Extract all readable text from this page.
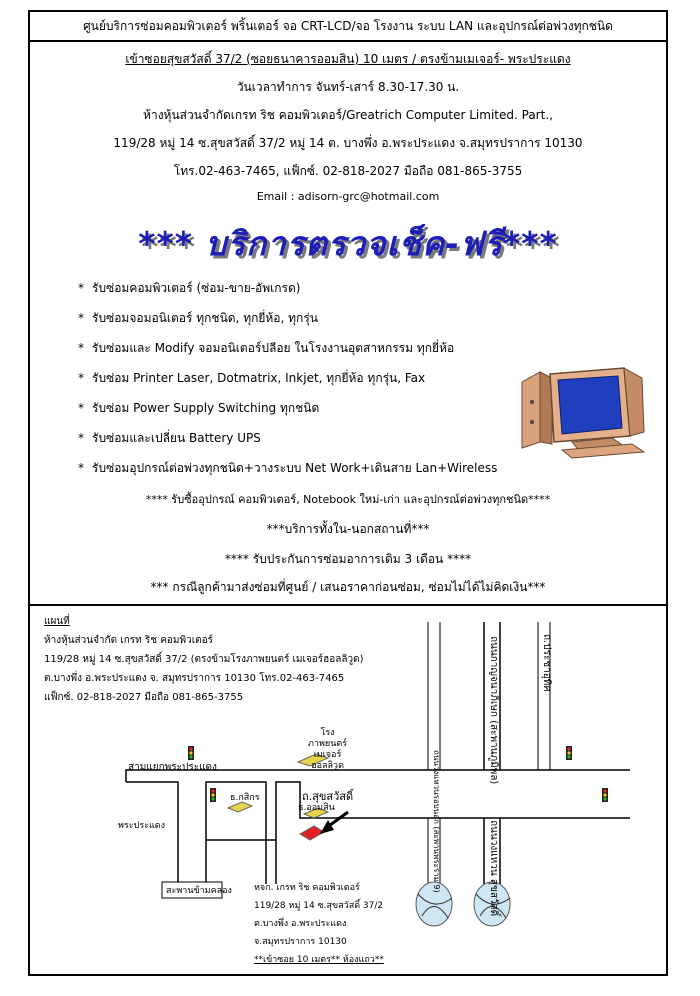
ศูนย์บริการซ่อมคอมพิวเตอร์ พริ้นเตอร์ จอ CRT-LCD/จอ โรงงาน ระบบ LAN และอุปกรณ์ต่อพ่วงทุกชนิด
เข้าซอยสุขสวัสดิ์ 37/2 (ซอยธนาคารออมสิน) 10 เมตร / ตรงข้ามเมเจอร์- พระประแดง
วันเวลาทำการ จันทร์-เสาร์ 8.30-17.30 น.
ห้างหุ้นส่วนจำกัดเกรท ริช คอมพิวเตอร์/Greatrich Computer Limited. Part.,
119/28 หมู่ 14 ซ.สุขสวัสดิ์ 37/2 หมู่ 14 ต. บางพึ่ง อ.พระประแดง จ.สมุทรปราการ 10130
โทร.02-463-7465, แฟ็กซ์. 02-818-2027 มือถือ 081-865-3755
Email : adisorn-grc@hotmail.com
*** บริการตรวจเช็ค-ฟรี***
* รับซ่อมคอมพิวเตอร์ (ซ่อม-ขาย-อัพเกรด)
* รับซ่อมจอมอนิเตอร์ ทุกชนิด, ทุกยี่ห้อ, ทุกรุ่น
* รับซ่อมและ Modify จอมอนิเตอร์ปลีอย ในโรงงานอุตสาหกรรม ทุกยี่ห้อ
* รับซ่อม Printer Laser, Dotmatrix, Inkjet, ทุกยี่ห้อ ทุกรุ่น, Fax
* รับซ่อม Power Supply Switching ทุกชนิด
* รับซ่อมและเปลี่ยน Battery UPS
* รับซ่อมอุปกรณ์ต่อพ่วงทุกชนิด+วางระบบ Net Work+เดินสาย Lan+Wireless
**** รับซื้ออุปกรณ์ คอมพิวเตอร์, Notebook ใหม่-เก่า และอุปกรณ์ต่อพ่วงทุกชนิด****
***บริการทั้งใน-นอกสถานที่***
**** รับประกันการซ่อมอาการเดิม 3 เดือน ****
*** กรณีลูกค้ามาส่งซ่อมที่ศูนย์ / เสนอราคาก่อนซ่อม, ซ่อมไม่ได้ไม่คิดเงิน***
แผนที่
ห้างหุ้นส่วนจำกัด เกรท ริช คอมพิวเตอร์
119/28 หมู่ 14 ซ.สุขสวัสดิ์ 37/2 (ตรงข้ามโรงภาพยนตร์ เมเจอร์ฮอลลิวูด)
ต.บางพึ่ง อ.พระประแดง จ. สมุทรปราการ 10130 โทร.02-463-7465
แฟ็กซ์. 02-818-2027 มือถือ 081-865-3755
โรง
ภาพยนตร์
เมเจอร์
ฮอลลิวูด
สามแยกพระประแดง
ถ.สุขสวัสดิ์
ธ.กสิกร
ธ.ออมสิน
พระประแดง
สะพานข้ามคลอง
ถ.ประชาอุทิศ
ถนนกาญจนาภิเษก (สะพานภูมิพล)
ถนนวงแหวนรอบนอก (สะพานพระราม 9)	ถนนวงแหวน สุขสวัสดิ์
หจก. เกรท ริช คอมพิวเตอร์
119/28 หมู่ 14 ซ.สุขสวัสดิ์ 37/2
ต.บางพึ่ง อ.พระประแดง
จ.สมุทรปราการ 10130
**เข้าซอย 10 เมตร** ห้องแถว**
